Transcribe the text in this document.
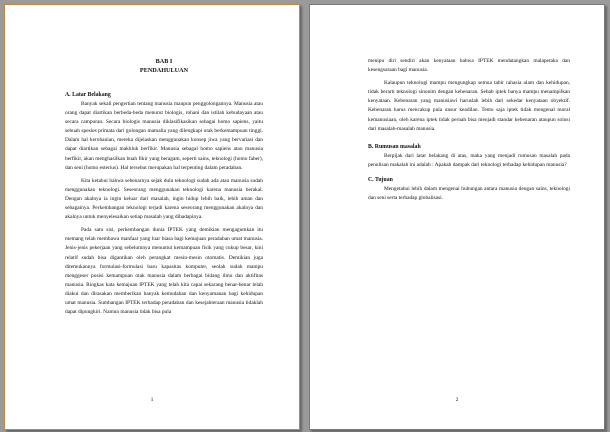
BAB I
PENDAHULUAN
A. Latar Belakang

Banyak sekali pengertian tentang manusia maupun penggolongannya. Manusia atau orang dapat diartikan berbeda-beda menurut biologis, rohani dan istilah kebudayaan atau secara campuran. Secara biologis manusia diklasifikasikan sebagai homo sapiens, yaitu sebuah spesies primata dari golongan mamalia yang dilengkapi otak berkemampuan tinggi. Dalam hal kerohanian, mereka dijelaskan menggunakan konsep jiwa yang bervariasi dan dapat diartikan sebagai makhluk berfikir. Manusia sebagai homo sapiens atau manusia berfikir, akan menghasilkan buah fikir yang beragam, seperti sains, teknologi (homo faber), dan seni (homo esterius). Hal tersebut merupakan hal terpenting dalam peradaban.

Kita ketahui bahwa sebenarnya sejak dulu teknologi sudah ada atau manusia sudah menggunakan teknologi. Seseorang menggunakan teknologi karena manusia berakal. Dengan akalnya ia ingin keluar dari masalah, ingin hidup lebih baik, lebih aman dan sebagainya. Perkembangan teknologi terjadi karena seseorang menggunakan akalnya dan akalnya untuk menyelesaikan setiap masalah yang dihadapinya.

Pada satu sisi, perkembangan dunia IPTEK yang demikian mengagumkan itu memang telah membawa manfaat yang luar biasa bagi kemajuan peradaban umat manusia. Jenis-jenis pekerjaan yang sebelumnya menuntut kemampuan fisik yang cukup besar, kini relatif sudah bisa digantikan oleh perangkat mesin-mesin otomatis. Demikian juga ditemukannya formulasi-formulasi baru kapasitas komputer, seolah sudah mampu menggeser posisi kemampuan otak manusia dalam berbagai bidang ilmu dan aktifitas manusia. Ringkas kata kemajuan IPTEK yang telah kita capai sekarang benar-benar telah diakui dan dirasakan memberikan banyak kemudahan dan kenyamanan bagi kehidupan umat manusia. Sumbangan IPTEK terhadap peradaban dan kesejahteraan manusia tidaklah dapat dipungkiri. Namun manusia tidak bisa pula

1

menipu diri sendiri akan kenyataan bahwa IPTEK mendatangkan malapetaka dan kesengsaraan bagi manusia.

Kalaupun teknologi mampu mengungkap semua tabir rahasia alam dan kehidupan, tidak berarti teknologi sinonim dengan kebenaran. Sebab iptek hanya mampu menampilkan kenyataan. Kebenaran yang manusiawi haruslah lebih dari sekedar kenyataan obyektif. Kebenaran harus mencakup pula unsur keadilan. Tentu saja iptek tidak mengenal moral kemanusiaan, oleh karena iptek tidak pernah bisa menjadi standar kebenaran ataupun solusi dari masalah-masalah manusia.

B. Rumusan masalah

Berpijak dari latar belakang di atas, maka yang menjadi rumusan masalah pada penulisan makalah ini adalah : Apakah dampak dari teknologi terhadap kehidupan manusia?

C. Tujuan

Mengetahui lebih dalam mengenai hubungan antara manusia dengan sains, teknologi dan seni serta terhadap globalisasi.

2
